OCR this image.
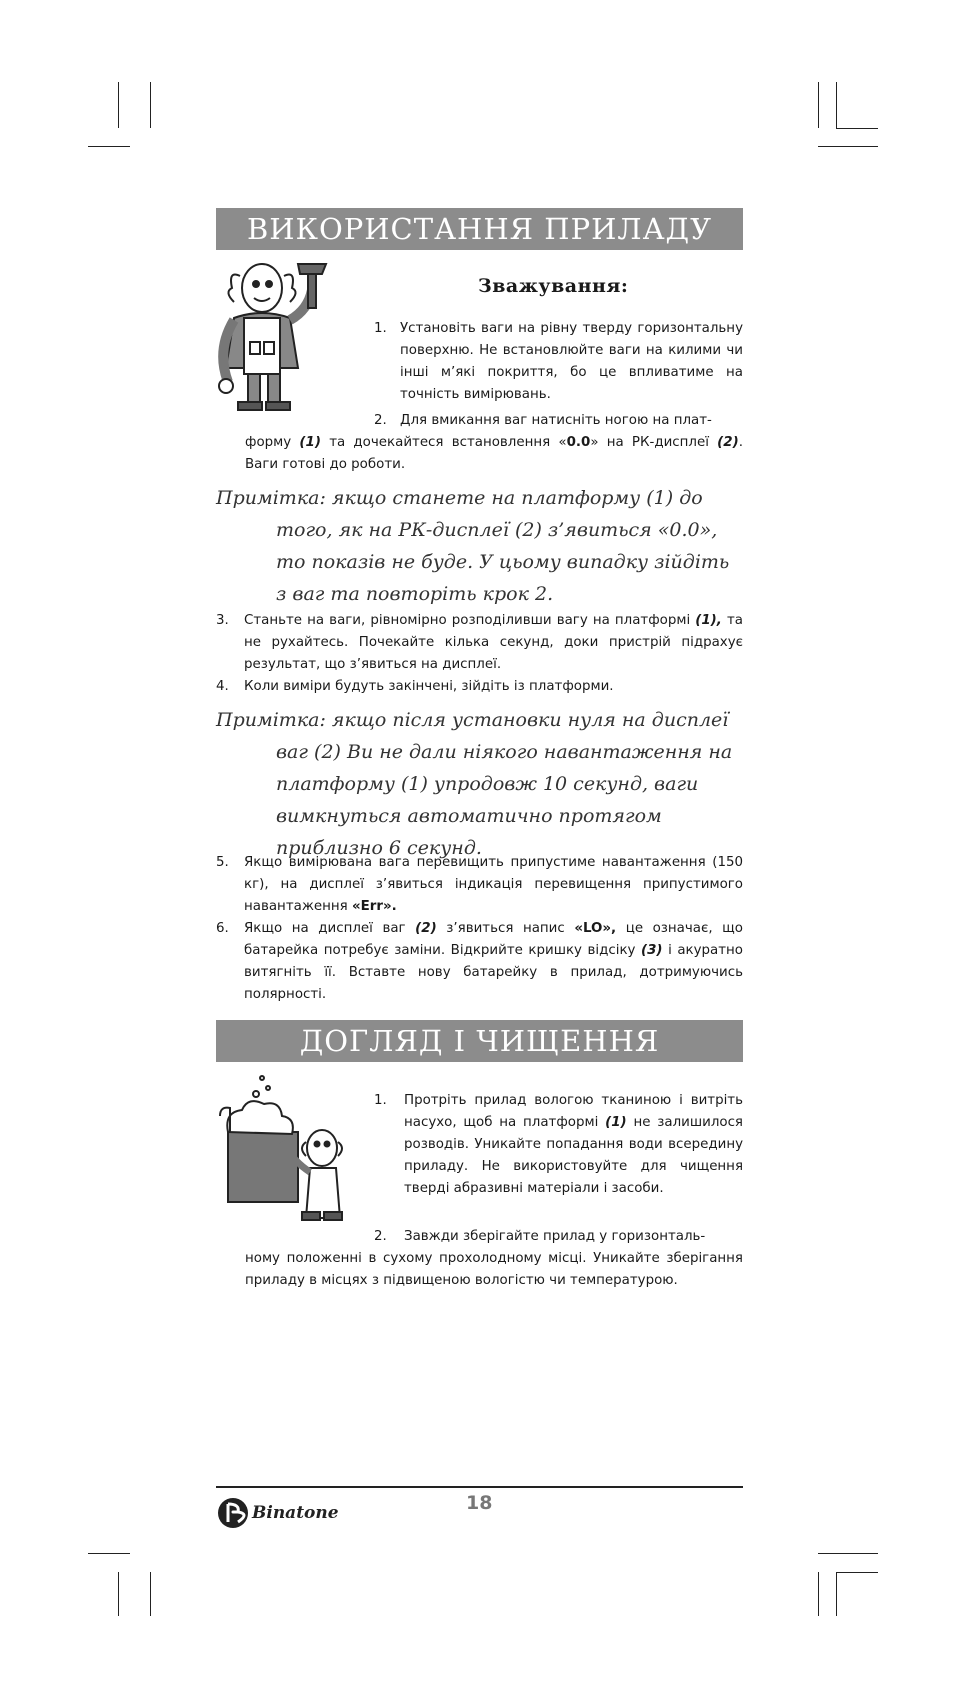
ВИКОРИСТАННЯ ПРИЛАДУ
Зважування:
1. Установіть ваги на рівну тверду горизонтальну поверхню. Не встановлюйте ваги на килими чи інші м’які покриття, бо це впливатиме на точність вимірювань.
2. Для вмикання ваг натисніть ногою на плат-
форму (1) та дочекайтеся встановлення «0.0» на РК-дисплеї (2). Ваги готові до роботи.
Примітка: якщо станете на платформу (1) до
того, як на РК-дисплеї (2) з’явиться «0.0»,
то показів не буде. У цьому випадку зійдіть
з ваг та повторіть крок 2.
3.	Станьте на ваги, рівномірно розподіливши вагу на платформі (1), та не рухайтесь. Почекайте кілька секунд, доки пристрій підрахує результат, що з’явиться на дисплеї.
4.	Коли виміри будуть закінчені, зійдіть із платформи.
Примітка: якщо після установки нуля на дисплеї
ваг (2) Ви не дали ніякого навантаження на
платформу (1) упродовж 10 секунд, ваги
вимкнуться автоматично протягом
приблизно 6 секунд.
5.	Якщо вимірювана вага перевищить припустиме навантаження (150 кг), на дисплеї з’явиться індикація перевищення припустимого навантаження «Err».
6.	Якщо на дисплеї ваг (2) з’явиться напис «LO», це означає, що батарейка потребує заміни. Відкрийте кришку відсіку (3) і акуратно витягніть її. Вставте нову батарейку в прилад, дотримуючись полярності.
ДОГЛЯД І ЧИЩЕННЯ
1.	Протріть прилад вологою тканиною і витріть насухо, щоб на платформі (1) не залишилося розводів. Уникайте попадання води всередину приладу. Не використовуйте для чищення тверді абразивні матеріали і засоби.
2.	Завжди зберігайте прилад у горизонталь-
ному положенні в сухому прохолодному місці. Уникайте зберігання приладу в місцях з підвищеною вологістю чи температурою.
Binatone	18
